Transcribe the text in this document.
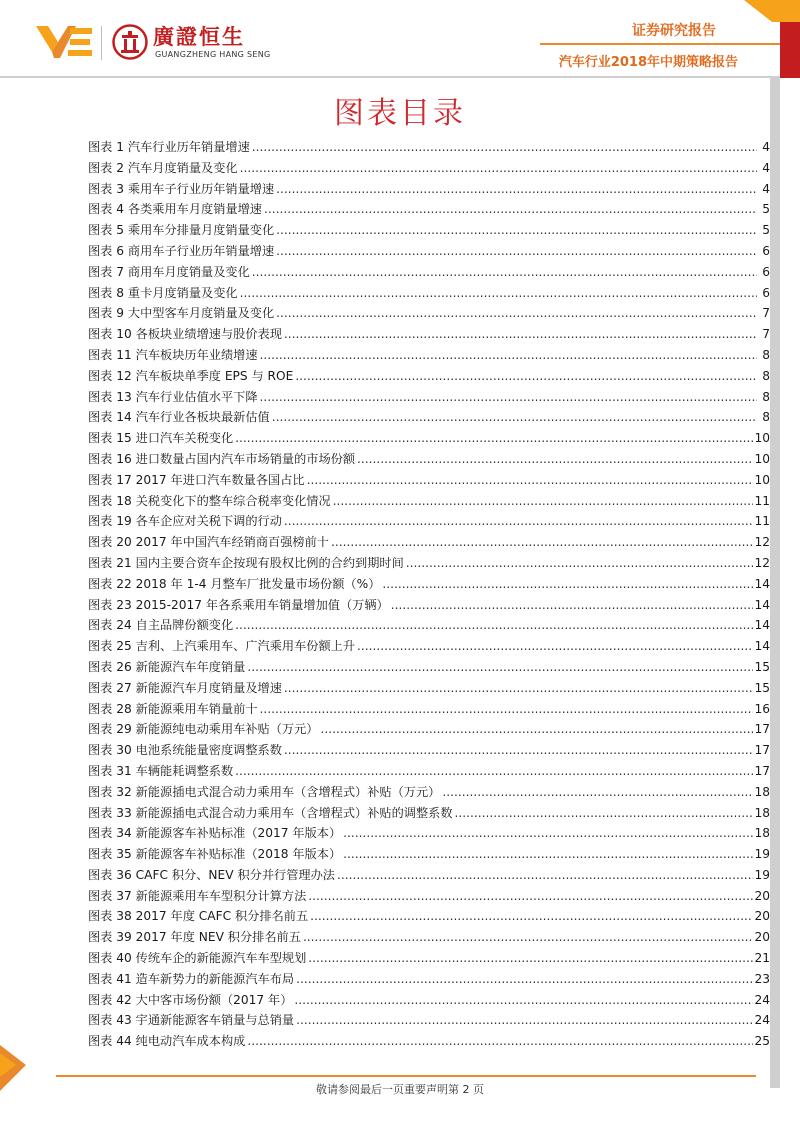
廣證恒生
GUANGZHENG HANG SENG
证券研究报告
汽车行业2018年中期策略报告
图表目录
图表 1 汽车行业历年销量增速 .....	4
图表 2 汽车月度销量及变化 .....	4
图表 3 乘用车子行业历年销量增速 .....	4
图表 4 各类乘用车月度销量增速 .....	5
图表 5 乘用车分排量月度销量变化 .....	5
图表 6 商用车子行业历年销量增速 .....	6
图表 7 商用车月度销量及变化 .....	6
图表 8 重卡月度销量及变化 .....	6
图表 9 大中型客车月度销量及变化 .....	7
图表 10 各板块业绩增速与股价表现 .....	7
图表 11 汽车板块历年业绩增速 .....	8
图表 12 汽车板块单季度 EPS 与 ROE .....	8
图表 13 汽车行业估值水平下降 .....	8
图表 14 汽车行业各板块最新估值 .....	8
图表 15 进口汽车关税变化 .....	10
图表 16 进口数量占国内汽车市场销量的市场份额 .....	10
图表 17 2017 年进口汽车数量各国占比 .....	10
图表 18 关税变化下的整车综合税率变化情况 .....	11
图表 19 各车企应对关税下调的行动 .....	11
图表 20 2017 年中国汽车经销商百强榜前十 .....	12
图表 21 国内主要合资车企按现有股权比例的合约到期时间 .....	12
图表 22 2018 年 1-4 月整车厂批发量市场份额（%） .....	14
图表 23 2015-2017 年各系乘用车销量增加值（万辆） .....	14
图表 24 自主品牌份额变化 .....	14
图表 25 吉利、上汽乘用车、广汽乘用车份额上升 .....	14
图表 26 新能源汽车年度销量 .....	15
图表 27 新能源汽车月度销量及增速 .....	15
图表 28 新能源乘用车销量前十 .....	16
图表 29 新能源纯电动乘用车补贴（万元） .....	17
图表 30 电池系统能量密度调整系数 .....	17
图表 31 车辆能耗调整系数 .....	17
图表 32 新能源插电式混合动力乘用车（含增程式）补贴（万元） .....	18
图表 33 新能源插电式混合动力乘用车（含增程式）补贴的调整系数 .....	18
图表 34 新能源客车补贴标准（2017 年版本） .....	18
图表 35 新能源客车补贴标准（2018 年版本） .....	19
图表 36 CAFC 积分、NEV 积分并行管理办法 .....	19
图表 37 新能源乘用车车型积分计算方法 .....	20
图表 38 2017 年度 CAFC 积分排名前五 .....	20
图表 39 2017 年度 NEV 积分排名前五 .....	20
图表 40 传统车企的新能源汽车车型规划 .....	21
图表 41 造车新势力的新能源汽车布局 .....	23
图表 42 大中客市场份额（2017 年） .....	24
图表 43 宇通新能源客车销量与总销量 .....	24
图表 44 纯电动汽车成本构成 .....	25
敬请参阅最后一页重要声明第 2 页
